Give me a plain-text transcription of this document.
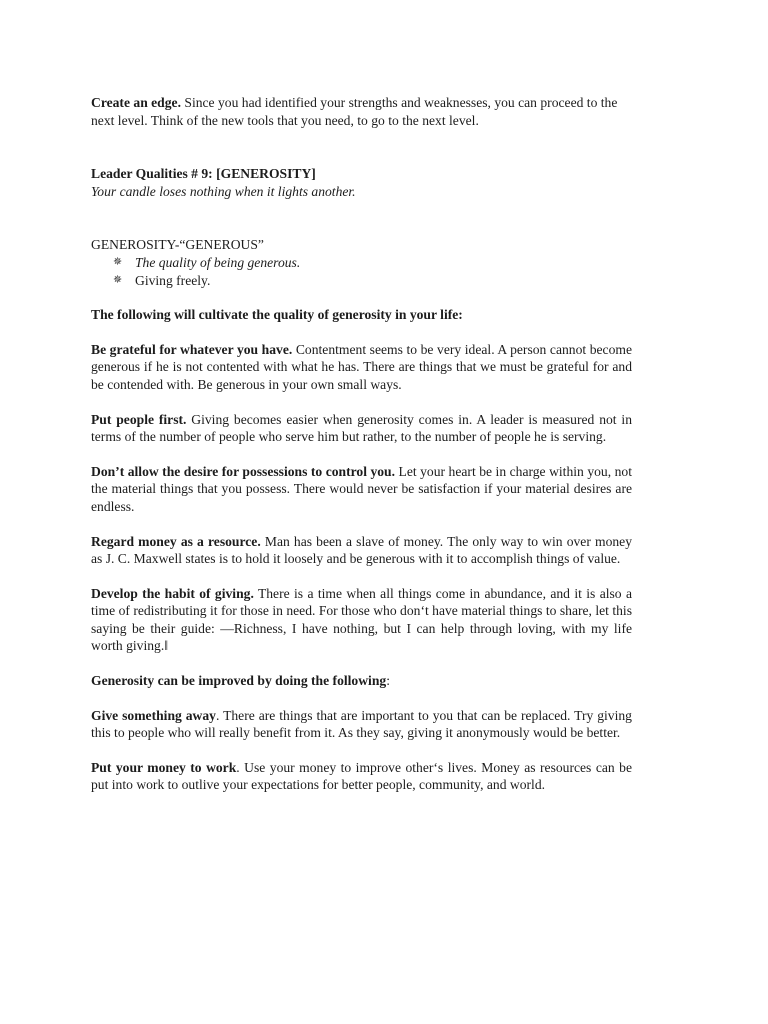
Create an edge. Since you had identified your strengths and weaknesses, you can proceed to the next level. Think of the new tools that you need, to go to the next level.

Leader Qualities # 9: [GENEROSITY]

Your candle loses nothing when it lights another.

GENEROSITY-“GENEROUS”

✵ The quality of being generous.
✵ Giving freely.

The following will cultivate the quality of generosity in your life:

Be grateful for whatever you have. Contentment seems to be very ideal. A person cannot become generous if he is not contented with what he has. There are things that we must be grateful for and be contended with. Be generous in your own small ways.

Put people first. Giving becomes easier when generosity comes in. A leader is measured not in terms of the number of people who serve him but rather, to the number of people he is serving.

Don’t allow the desire for possessions to control you. Let your heart be in charge within you, not the material things that you possess. There would never be satisfaction if your material desires are endless.

Regard money as a resource. Man has been a slave of money. The only way to win over money as J. C. Maxwell states is to hold it loosely and be generous with it to accomplish things of value.

Develop the habit of giving. There is a time when all things come in abundance, and it is also a time of redistributing it for those in need. For those who don‘t have material things to share, let this saying be their guide: ―Richness, I have nothing, but I can help through loving, with my life worth giving.‖

Generosity can be improved by doing the following:

Give something away. There are things that are important to you that can be replaced. Try giving this to people who will really benefit from it. As they say, giving it anonymously would be better.

Put your money to work. Use your money to improve other‘s lives. Money as resources can be put into work to outlive your expectations for better people, community, and world.
